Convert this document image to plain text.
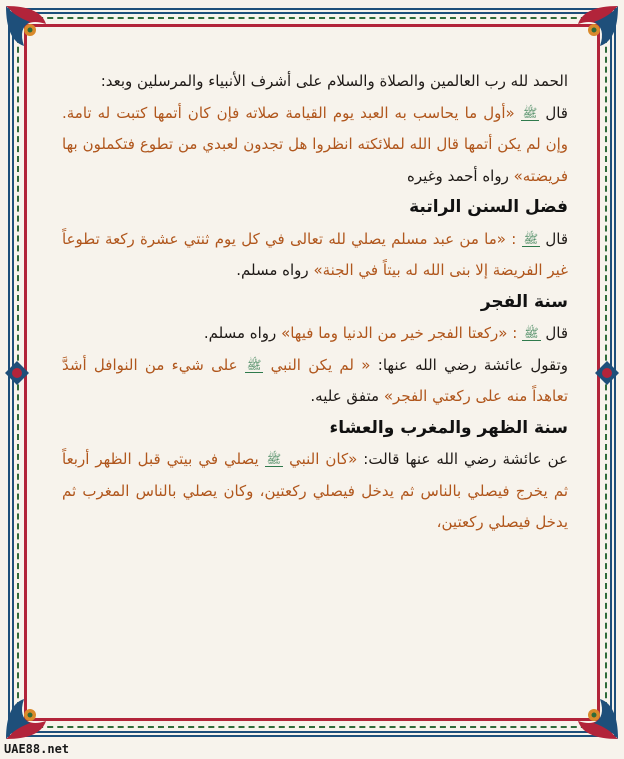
الحمد لله رب العالمين والصلاة والسلام على أشرف الأنبياء والمرسلين وبعد:

قال ﷺ «أول ما يحاسب به العبد يوم القيامة صلاته فإن كان أتمها كتبت له تامة. وإن لم يكن أتمها قال الله لملائكته انظروا هل تجدون لعبدي من تطوع فتكملون بها فريضته» رواه أحمد وغيره

فضل السنن الراتبة

قال ﷺ : «ما من عبد مسلم يصلي لله تعالى في كل يوم ثنتي عشرة ركعة تطوعاً غير الفريضة إلا بنى الله له بيتاً في الجنة» رواه مسلم.

سنة الفجر

قال ﷺ : «ركعتا الفجر خير من الدنيا وما فيها» رواه مسلم.

وتقول عائشة رضي الله عنها: « لم يكن النبي ﷺ على شيء من النوافل أشدَّ تعاهداً منه على ركعتي الفجر» متفق عليه.

سنة الظهر والمغرب والعشاء

عن عائشة رضي الله عنها قالت: «كان النبي ﷺ يصلي في بيتي قبل الظهر أربعاً ثم يخرج فيصلي بالناس ثم يدخل فيصلي ركعتين، وكان يصلي بالناس المغرب ثم يدخل فيصلي ركعتين،

UAE88.net
